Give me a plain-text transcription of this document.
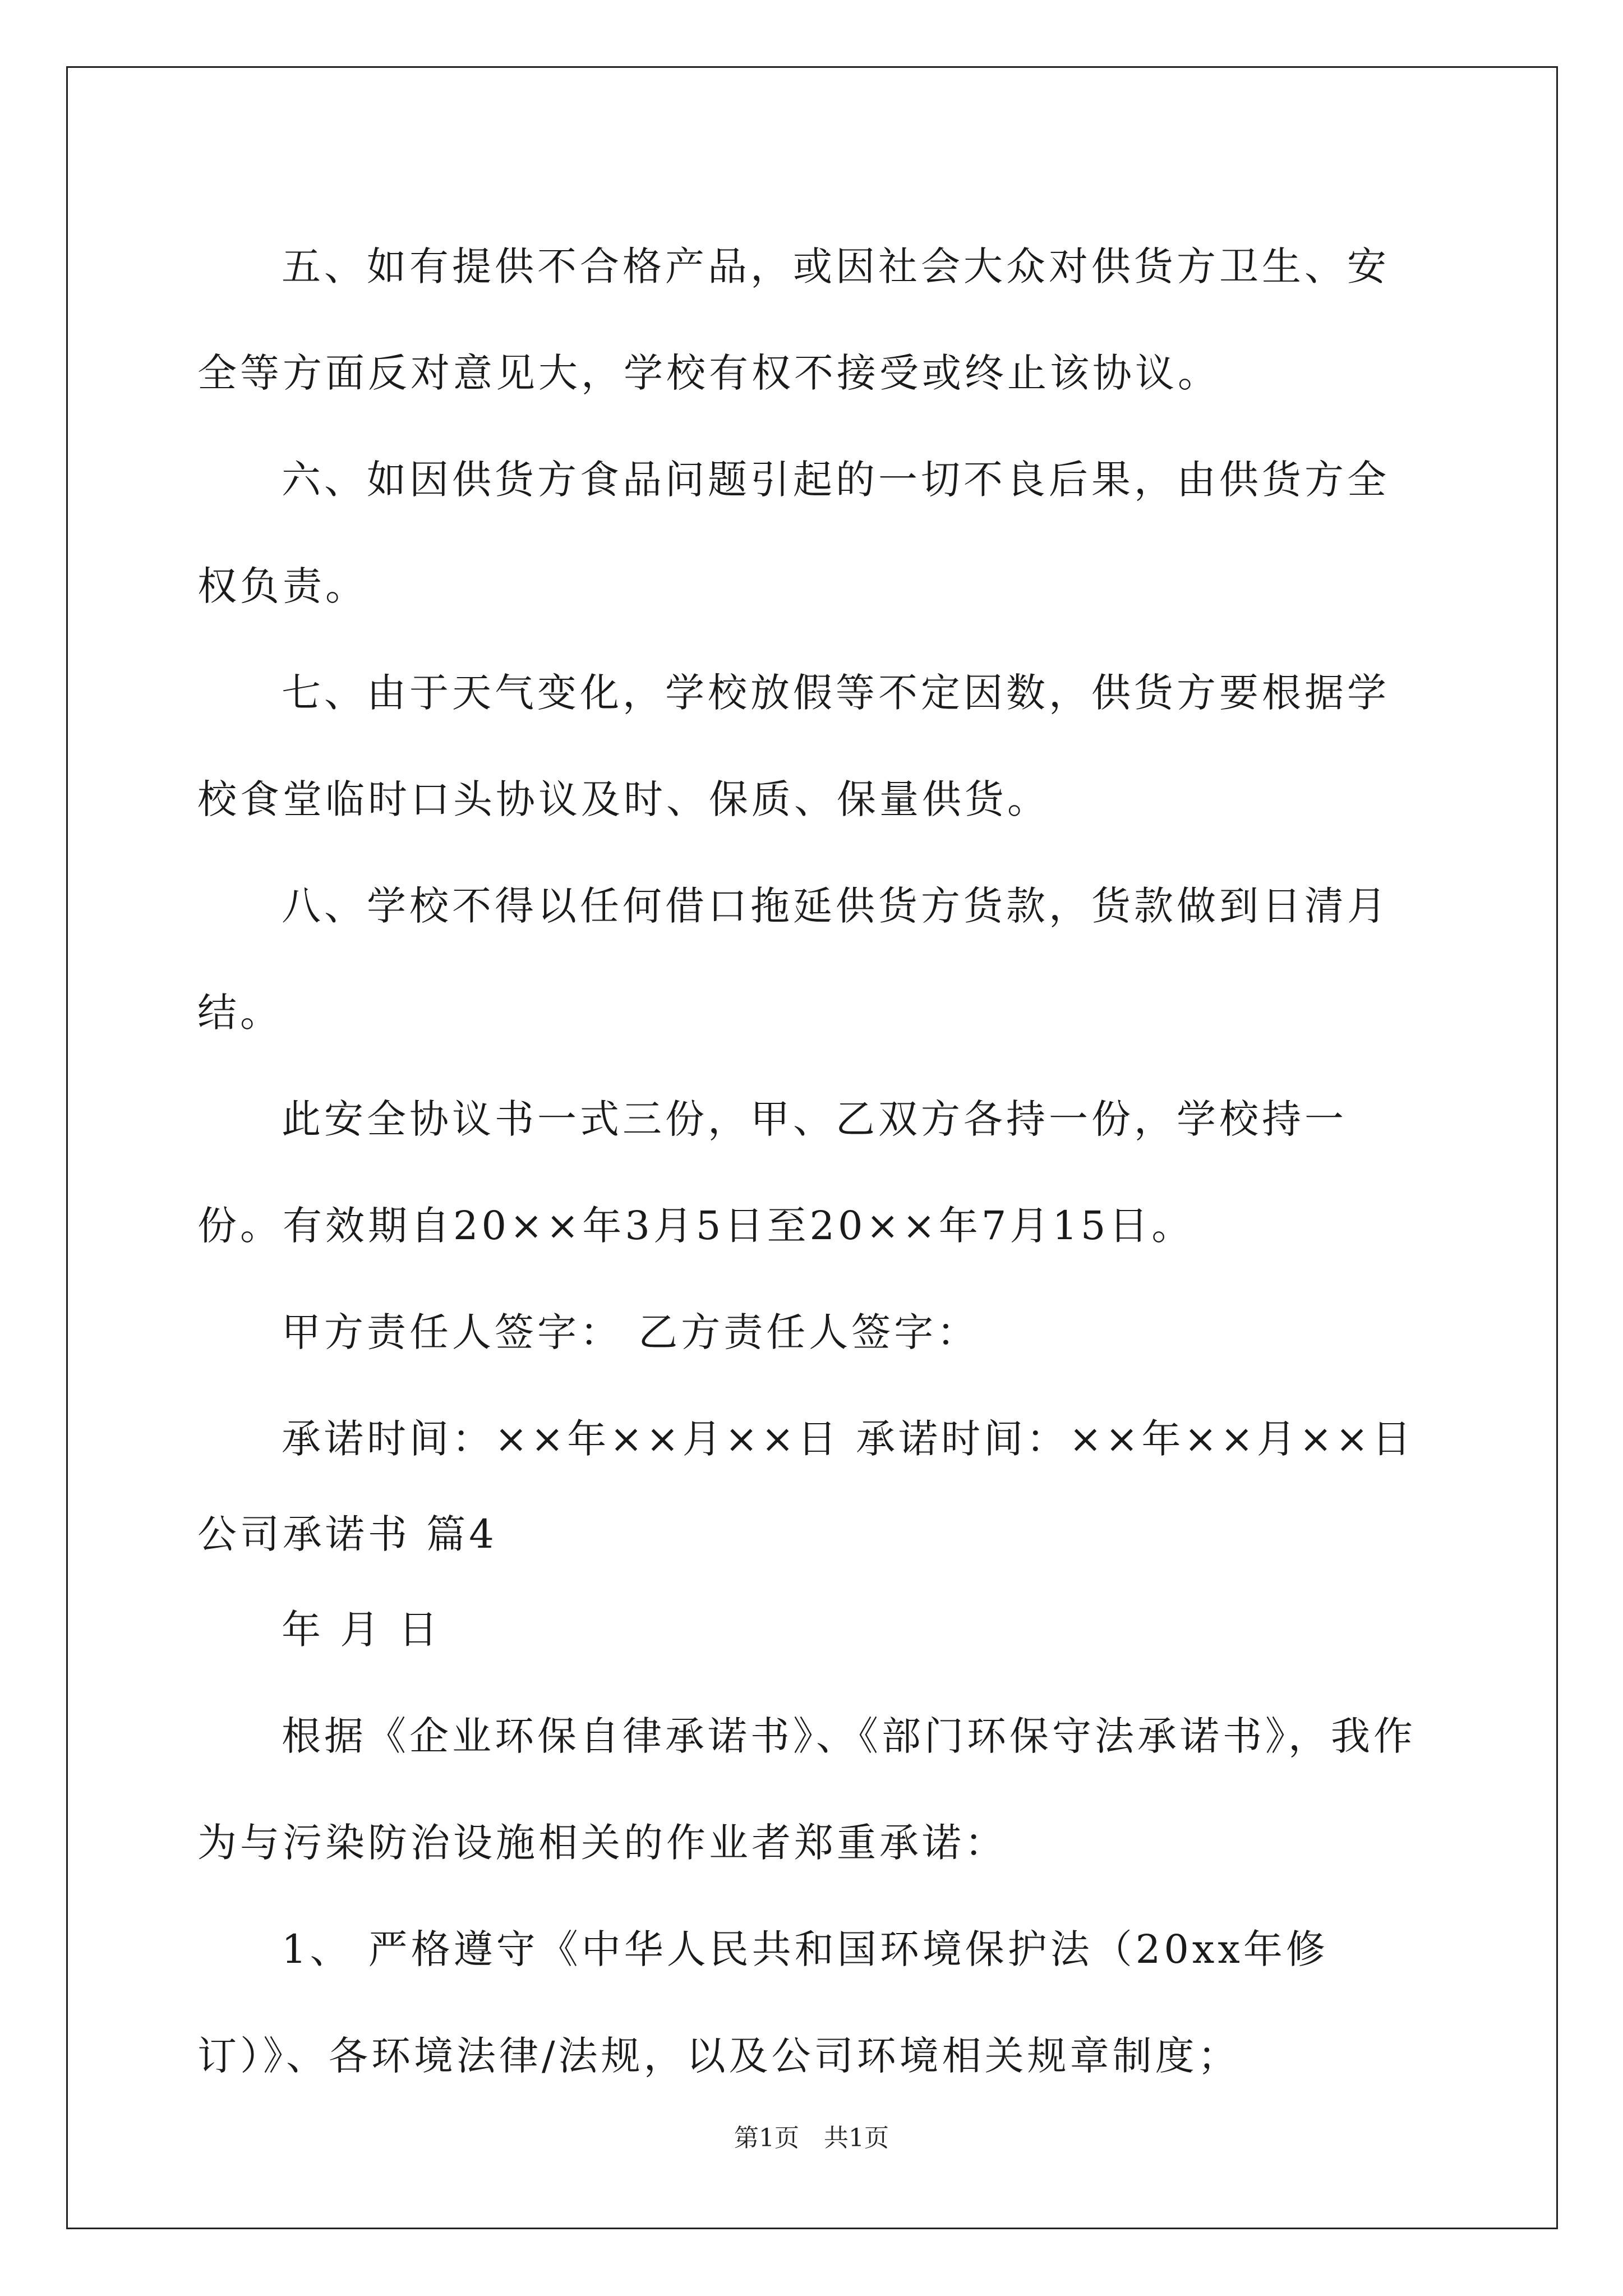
五、如有提供不合格产品，或因社会大众对供货方卫生、安全等方面反对意见大，学校有权不接受或终止该协议。

六、如因供货方食品问题引起的一切不良后果，由供货方全权负责。

七、由于天气变化，学校放假等不定因数，供货方要根据学校食堂临时口头协议及时、保质、保量供货。

八、学校不得以任何借口拖延供货方货款，货款做到日清月结。

此安全协议书一式三份，甲、乙双方各持一份，学校持一份。有效期自20××年3月5日至20××年7月15日。

甲方责任人签字： 乙方责任人签字：

承诺时间：××年××月××日 承诺时间：××年××月××日

公司承诺书 篇4

年 月 日

根据《企业环保自律承诺书》、《部门环保守法承诺书》，我作为与污染防治设施相关的作业者郑重承诺：

1、 严格遵守《中华人民共和国环境保护法（20xx年修订）》、各环境法律/法规，以及公司环境相关规章制度；

第1页　共1页
